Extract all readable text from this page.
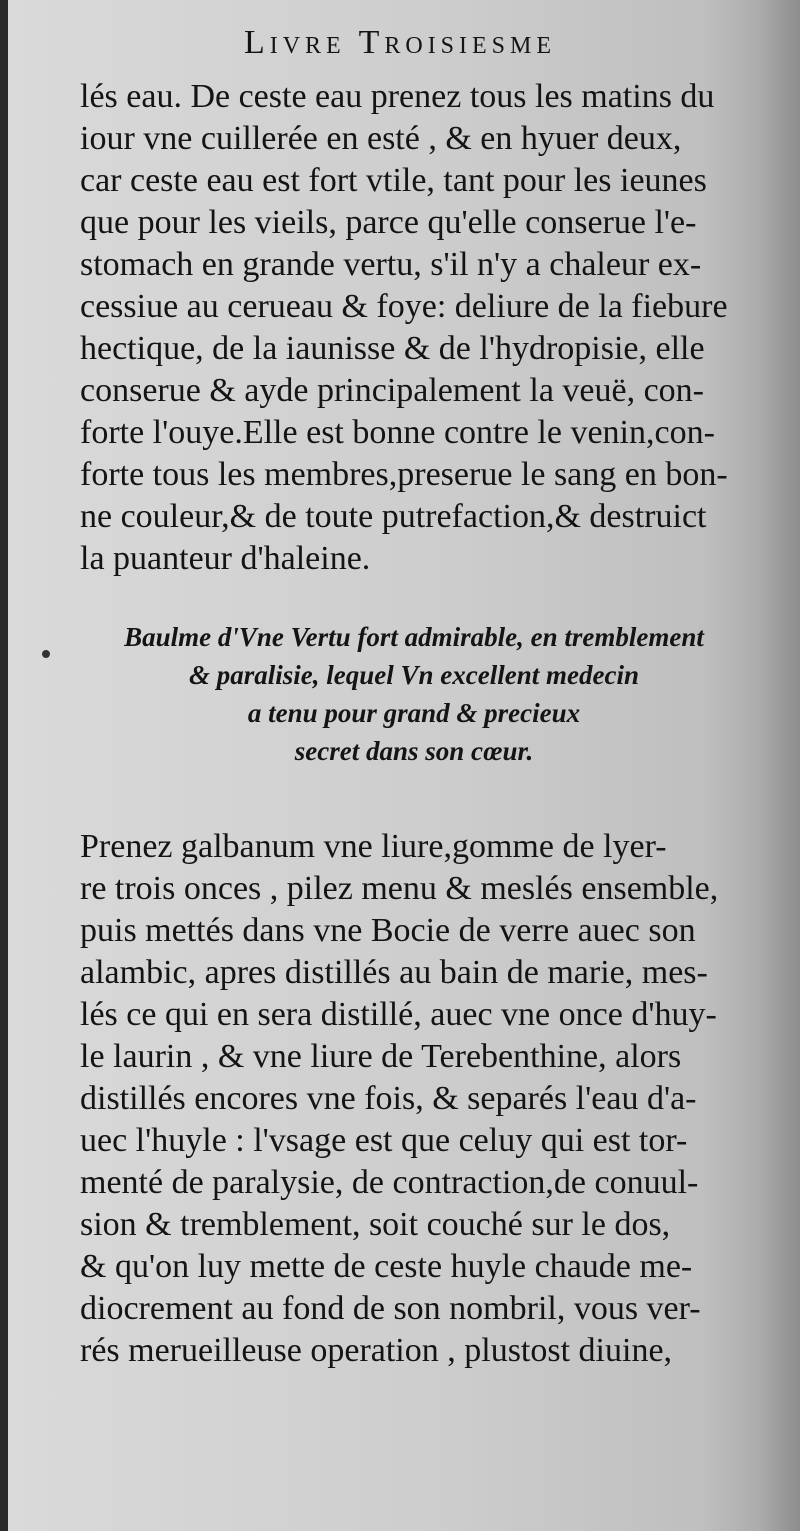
Livre Troisiesme
lés eau. De ceste eau prenez tous les matins du
iour vne cuillerée en esté , & en hyuer deux,
car ceste eau est fort vtile, tant pour les ieunes
que pour les vieils, parce qu'elle conserue l'e-
stomach en grande vertu, s'il n'y a chaleur ex-
cessiue au cerueau & foye: deliure de la fiebure
hectique, de la iaunisse & de l'hydropisie, elle
conserue & ayde principalement la veuë, con-
forte l'ouye.Elle est bonne contre le venin,con-
forte tous les membres,preserue le sang en bon-
ne couleur,& de toute putrefaction,& destruict
la puanteur d'haleine.
Baulme d'Vne Vertu fort admirable, en tremblement
& paralisie, lequel Vn excellent medecin
a tenu pour grand & precieux
secret dans son cœur.
Prenez galbanum vne liure,gomme de lyer-
re trois onces , pilez menu & meslés ensemble,
puis mettés dans vne Bocie de verre auec son
alambic, apres distillés au bain de marie, mes-
lés ce qui en sera distillé, auec vne once d'huy-
le laurin , & vne liure de Terebenthine, alors
distillés encores vne fois, & separés l'eau d'a-
uec l'huyle : l'vsage est que celuy qui est tor-
menté de paralysie, de contraction,de conuul-
sion & tremblement, soit couché sur le dos,
& qu'on luy mette de ceste huyle chaude me-
diocrement au fond de son nombril, vous ver-
rés merueilleuse operation , plustost diuine,
